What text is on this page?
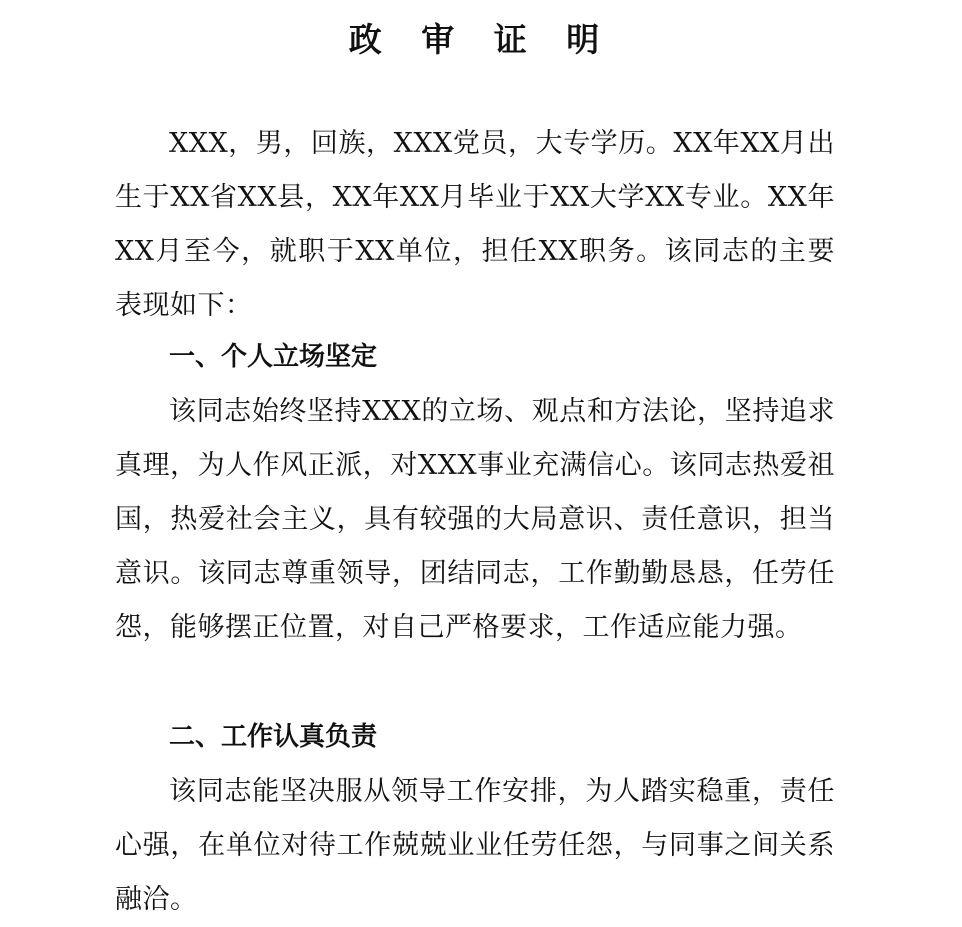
政 审 证 明

XXX，男，回族，XXX党员，大专学历。XX年XX月出生于XX省XX县，XX年XX月毕业于XX大学XX专业。XX年XX月至今，就职于XX单位，担任XX职务。该同志的主要表现如下：

一、个人立场坚定

该同志始终坚持XXX的立场、观点和方法论，坚持追求真理，为人作风正派，对XXX事业充满信心。该同志热爱祖国，热爱社会主义，具有较强的大局意识、责任意识，担当意识。该同志尊重领导，团结同志，工作勤勤恳恳，任劳任怨，能够摆正位置，对自己严格要求，工作适应能力强。

二、工作认真负责

该同志能坚决服从领导工作安排，为人踏实稳重，责任心强，在单位对待工作兢兢业业任劳任怨，与同事之间关系融洽。
